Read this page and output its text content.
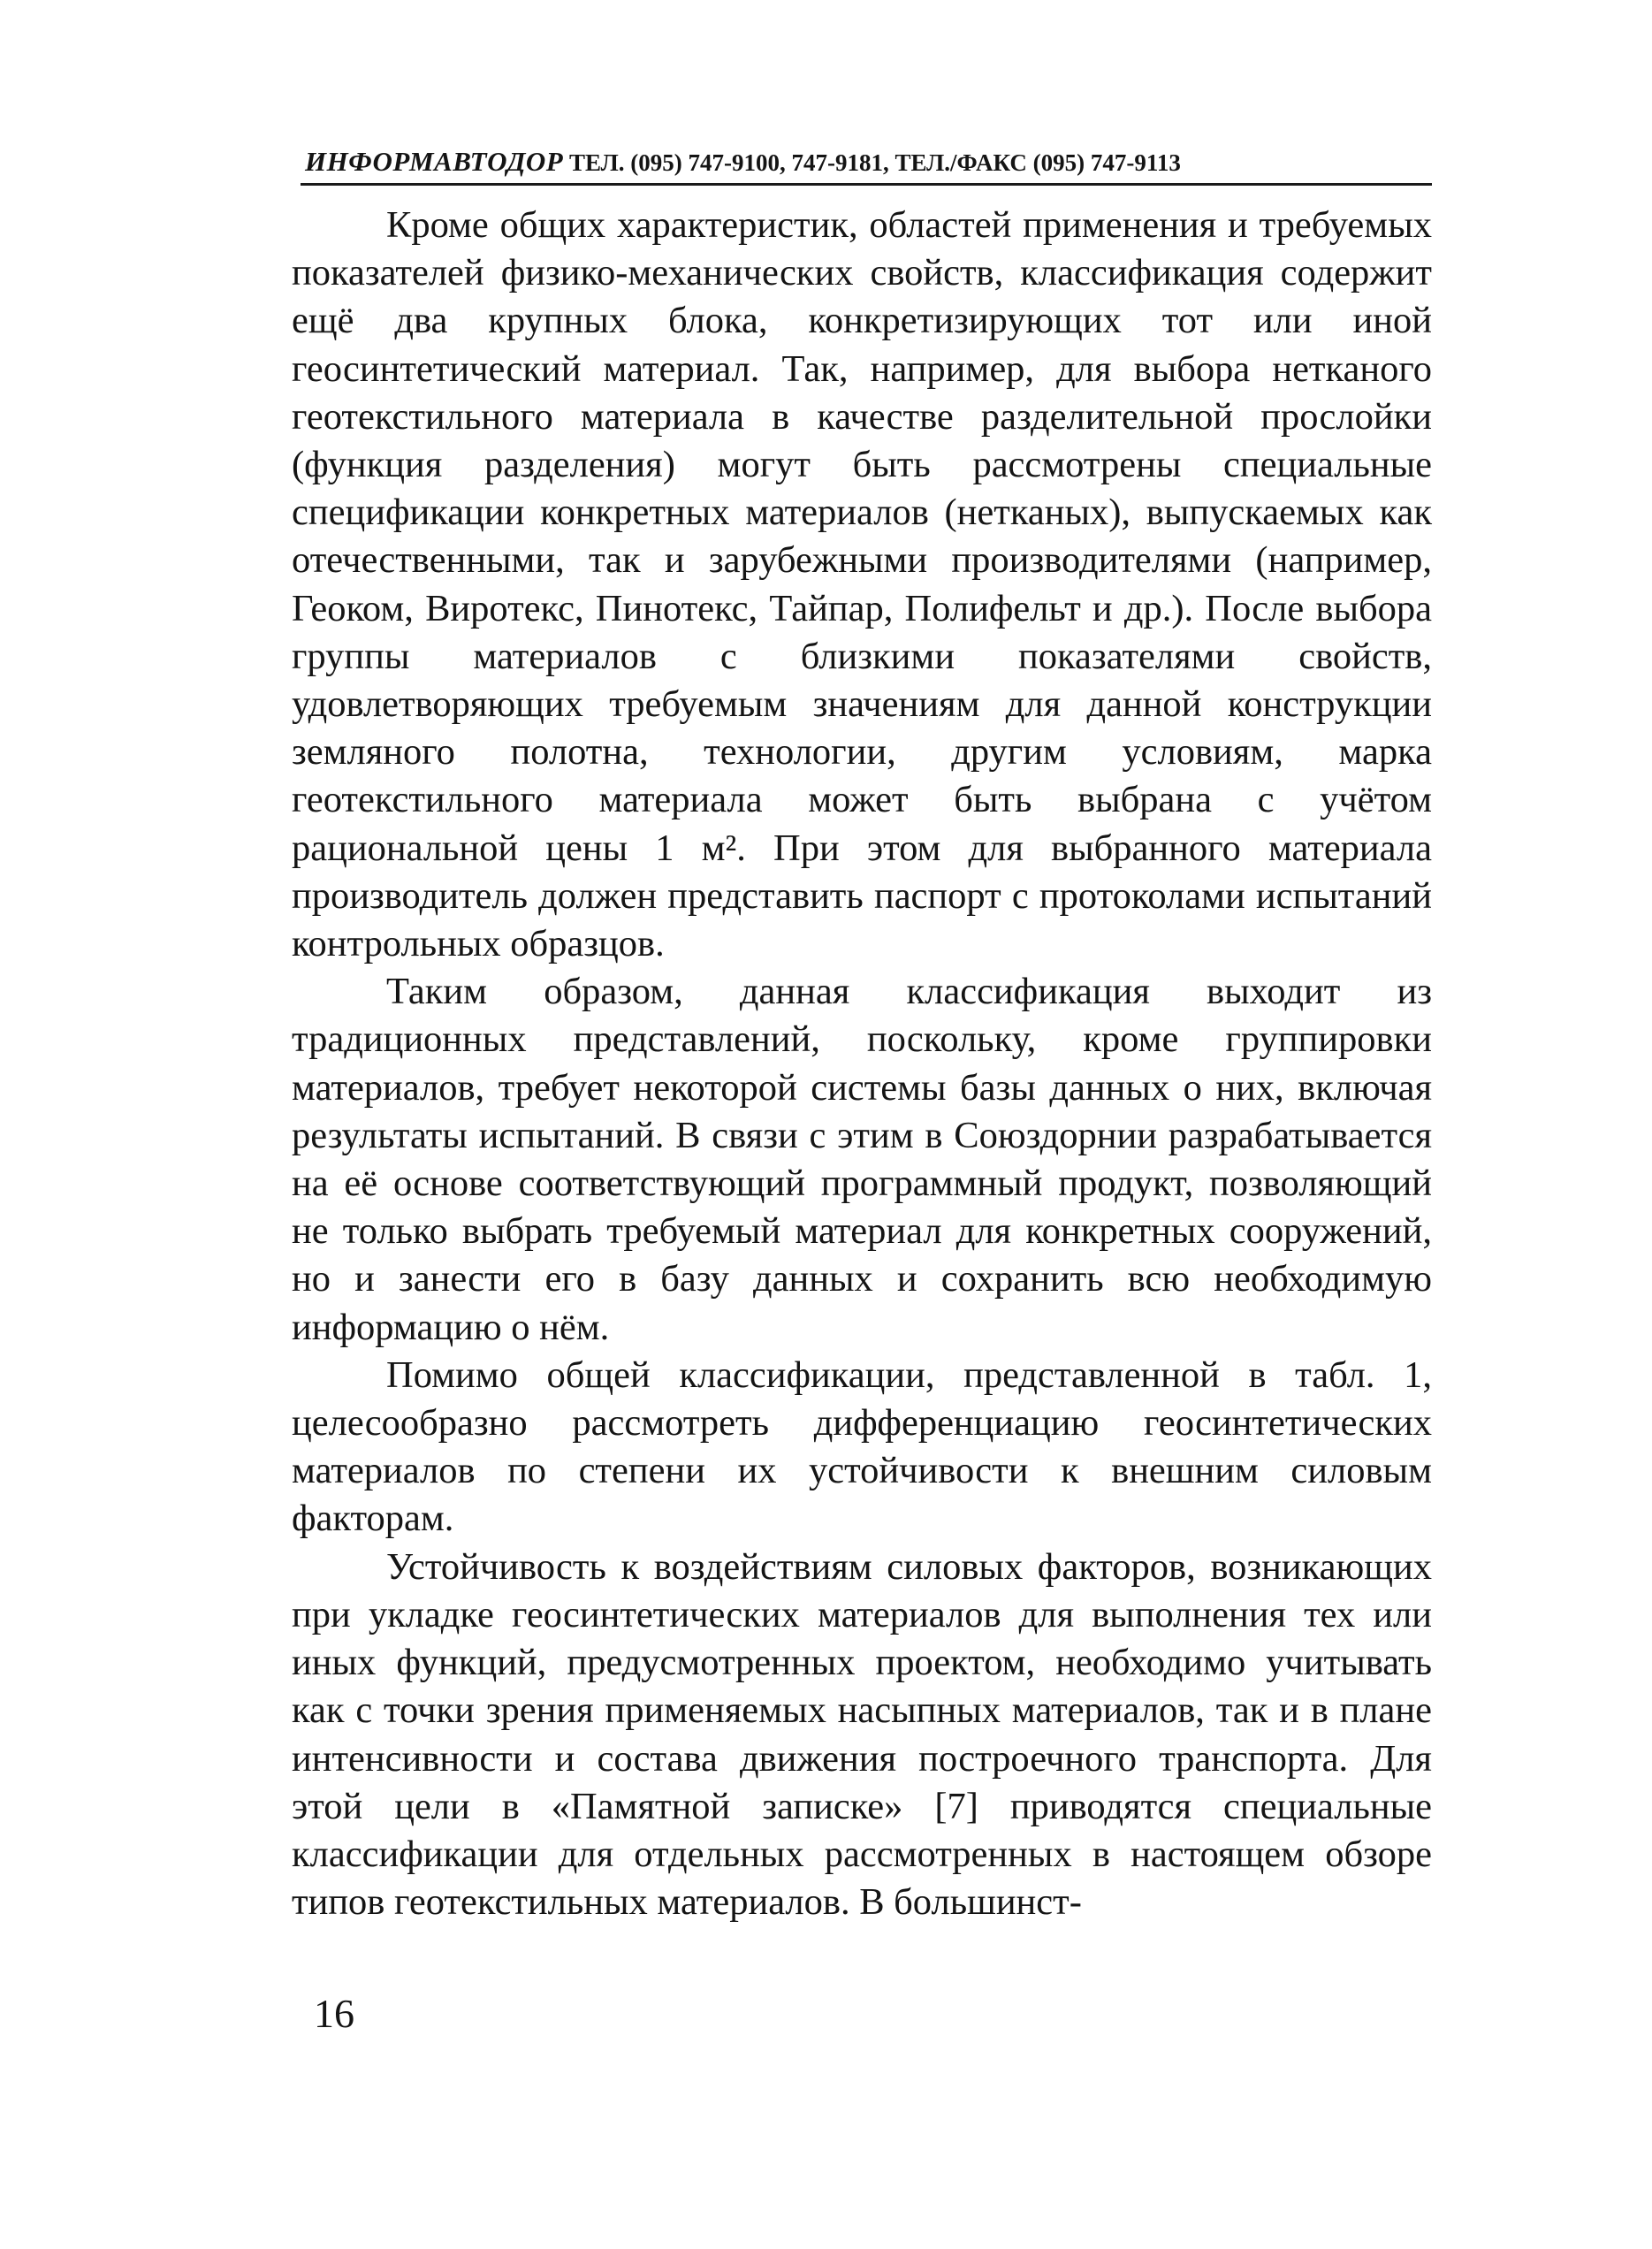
ИНФОРМАВТОДОР ТЕЛ. (095) 747-9100, 747-9181, ТЕЛ./ФАКС (095) 747-9113

Кроме общих характеристик, областей применения и требуемых показателей физико-механических свойств, классификация содержит ещё два крупных блока, конкретизирующих тот или иной геосинтетический материал. Так, например, для выбора нетканого геотекстильного материала в качестве разделительной прослойки (функция разделения) могут быть рассмотрены специальные спецификации конкретных материалов (нетканых), выпускаемых как отечественными, так и зарубежными производителями (например, Геоком, Виротекс, Пинотекс, Тайпар, Полифельт и др.). После выбора группы материалов с близкими показателями свойств, удовлетворяющих требуемым значениям для данной конструкции земляного полотна, технологии, другим условиям, марка геотекстильного материала может быть выбрана с учётом рациональной цены 1 м². При этом для выбранного материала производитель должен представить паспорт с протоколами испытаний контрольных образцов.

Таким образом, данная классификация выходит из традиционных представлений, поскольку, кроме группировки материалов, требует некоторой системы базы данных о них, включая результаты испытаний. В связи с этим в Союздорнии разрабатывается на её основе соответствующий программный продукт, позволяющий не только выбрать требуемый материал для конкретных сооружений, но и занести его в базу данных и сохранить всю необходимую информацию о нём.

Помимо общей классификации, представленной в табл. 1, целесообразно рассмотреть дифференциацию геосинтетических материалов по степени их устойчивости к внешним силовым факторам.

Устойчивость к воздействиям силовых факторов, возникающих при укладке геосинтетических материалов для выполнения тех или иных функций, предусмотренных проектом, необходимо учитывать как с точки зрения применяемых насыпных материалов, так и в плане интенсивности и состава движения построечного транспорта. Для этой цели в «Памятной записке» [7] приводятся специальные классификации для отдельных рассмотренных в настоящем обзоре типов геотекстильных материалов. В большинст-

16
